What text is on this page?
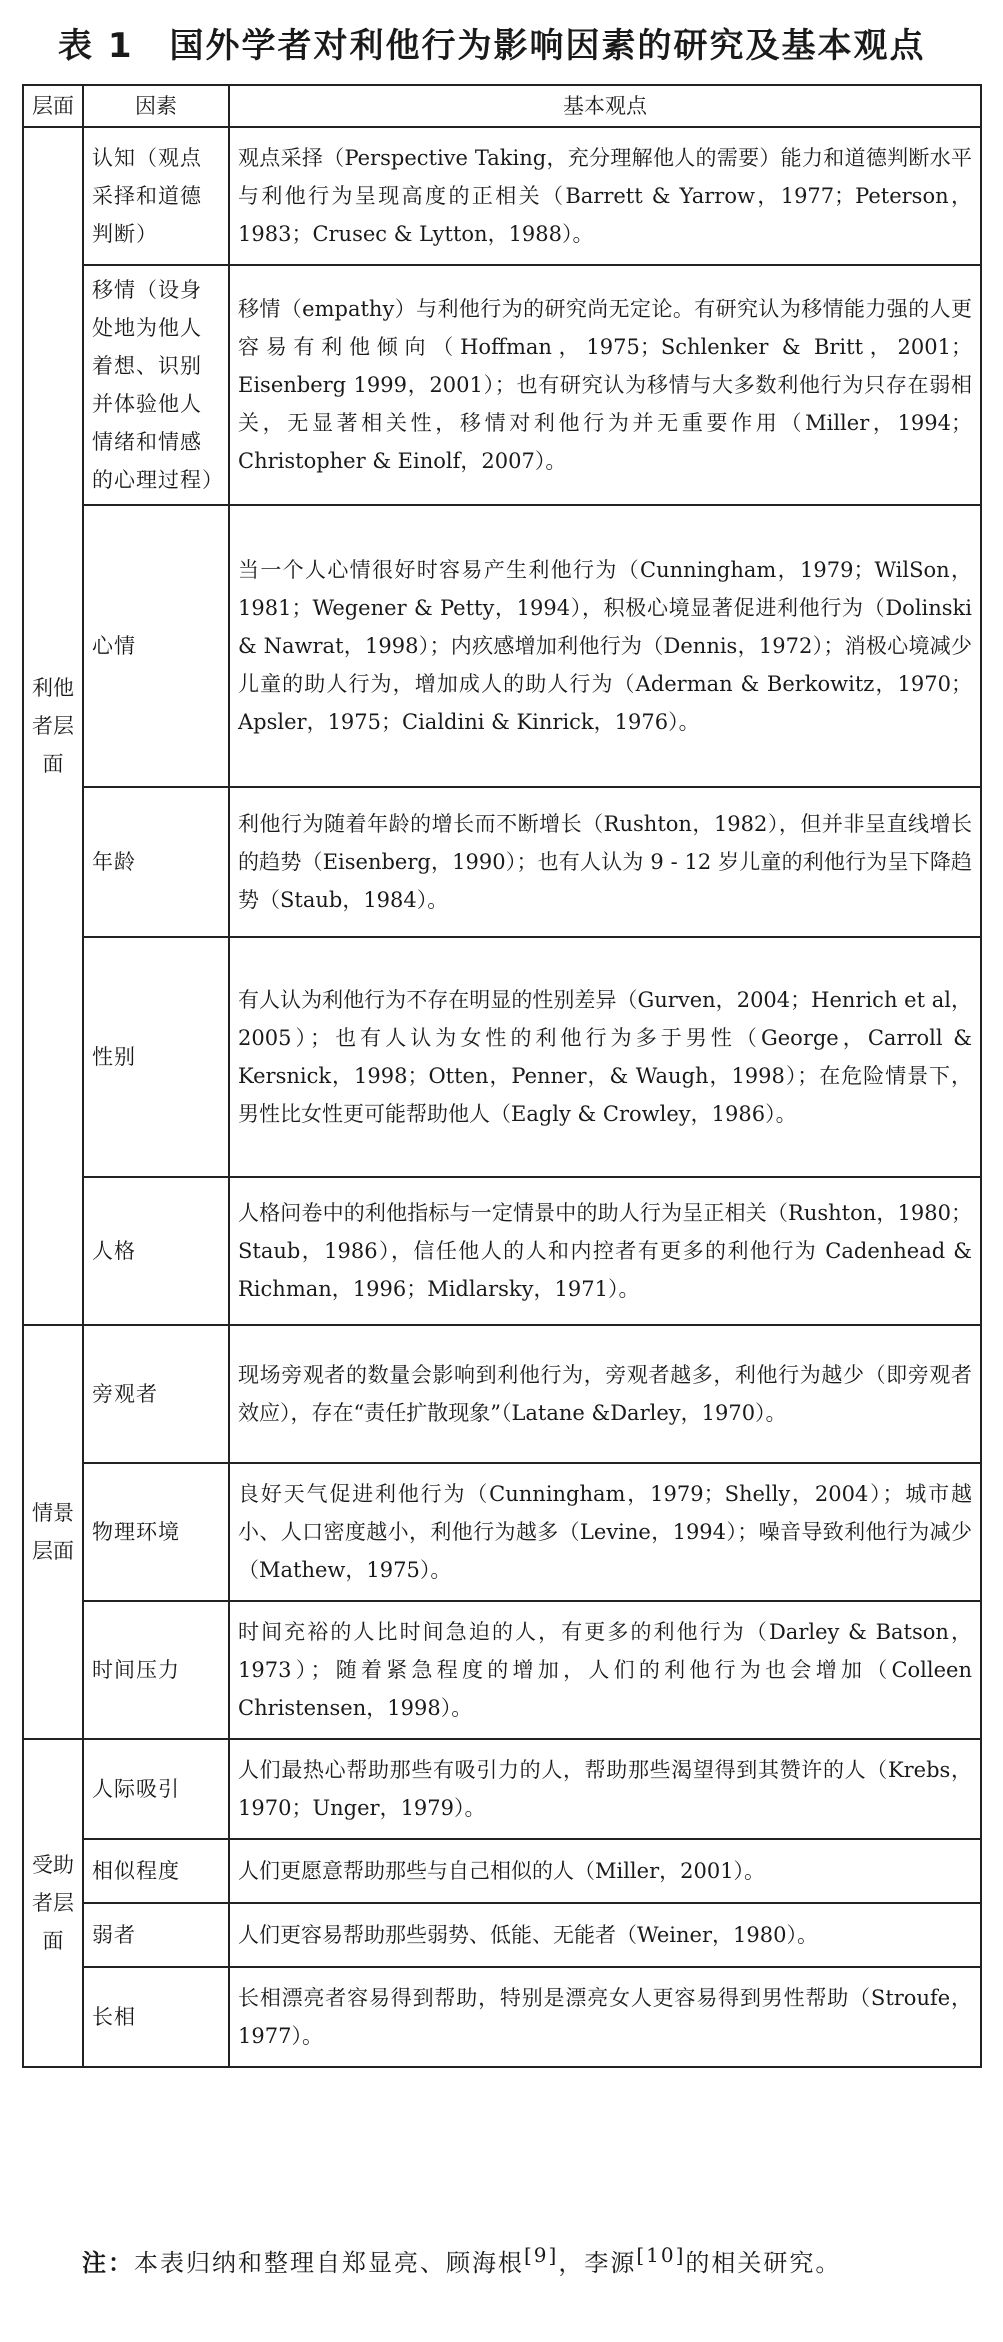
表 1 国外学者对利他行为影响因素的研究及基本观点
层面	因素	基本观点
利他者层面	认知（观点采择和道德判断）	观点采择（Perspective Taking，充分理解他人的需要）能力和道德判断水平与利他行为呈现高度的正相关（Barrett & Yarrow，1977；Peterson，1983；Crusec & Lytton，1988）。
	移情（设身处地为他人着想、识别并体验他人情绪和情感的心理过程）	移情（empathy）与利他行为的研究尚无定论。有研究认为移情能力强的人更容易有利他倾向（Hoffman，1975；Schlenker & Britt，2001；Eisenberg 1999，2001）；也有研究认为移情与大多数利他行为只存在弱相关，无显著相关性，移情对利他行为并无重要作用（Miller，1994；Christopher & Einolf，2007）。
	心情	当一个人心情很好时容易产生利他行为（Cunningham，1979；WilSon，1981；Wegener & Petty，1994），积极心境显著促进利他行为（Dolinski & Nawrat，1998）；内疚感增加利他行为（Dennis，1972）；消极心境减少儿童的助人行为，增加成人的助人行为（Aderman & Berkowitz，1970；Apsler，1975；Cialdini & Kinrick，1976）。
	年龄	利他行为随着年龄的增长而不断增长（Rushton，1982），但并非呈直线增长的趋势（Eisenberg，1990）；也有人认为 9 - 12 岁儿童的利他行为呈下降趋势（Staub，1984）。
	性别	有人认为利他行为不存在明显的性别差异（Gurven，2004；Henrich et al，2005）；也有人认为女性的利他行为多于男性（George，Carroll & Kersnick，1998；Otten，Penner，& Waugh，1998）；在危险情景下，男性比女性更可能帮助他人（Eagly & Crowley，1986）。
	人格	人格问卷中的利他指标与一定情景中的助人行为呈正相关（Rushton，1980；Staub，1986），信任他人的人和内控者有更多的利他行为 Cadenhead & Richman，1996；Midlarsky，1971）。
情景层面	旁观者	现场旁观者的数量会影响到利他行为，旁观者越多，利他行为越少（即旁观者效应），存在“责任扩散现象”（Latane &Darley，1970）。
	物理环境	良好天气促进利他行为（Cunningham，1979；Shelly，2004）；城市越小、人口密度越小，利他行为越多（Levine，1994）；噪音导致利他行为减少（Mathew，1975）。
	时间压力	时间充裕的人比时间急迫的人，有更多的利他行为（Darley & Batson，1973）；随着紧急程度的增加，人们的利他行为也会增加（Colleen Christensen，1998）。
受助者层面	人际吸引	人们最热心帮助那些有吸引力的人，帮助那些渴望得到其赞许的人（Krebs，1970；Unger，1979）。
	相似程度	人们更愿意帮助那些与自己相似的人（Miller，2001）。
	弱者	人们更容易帮助那些弱势、低能、无能者（Weiner，1980）。
	长相	长相漂亮者容易得到帮助，特别是漂亮女人更容易得到男性帮助（Stroufe，1977）。
注：本表归纳和整理自郑显亮、顾海根[9]，李源[10]的相关研究。
